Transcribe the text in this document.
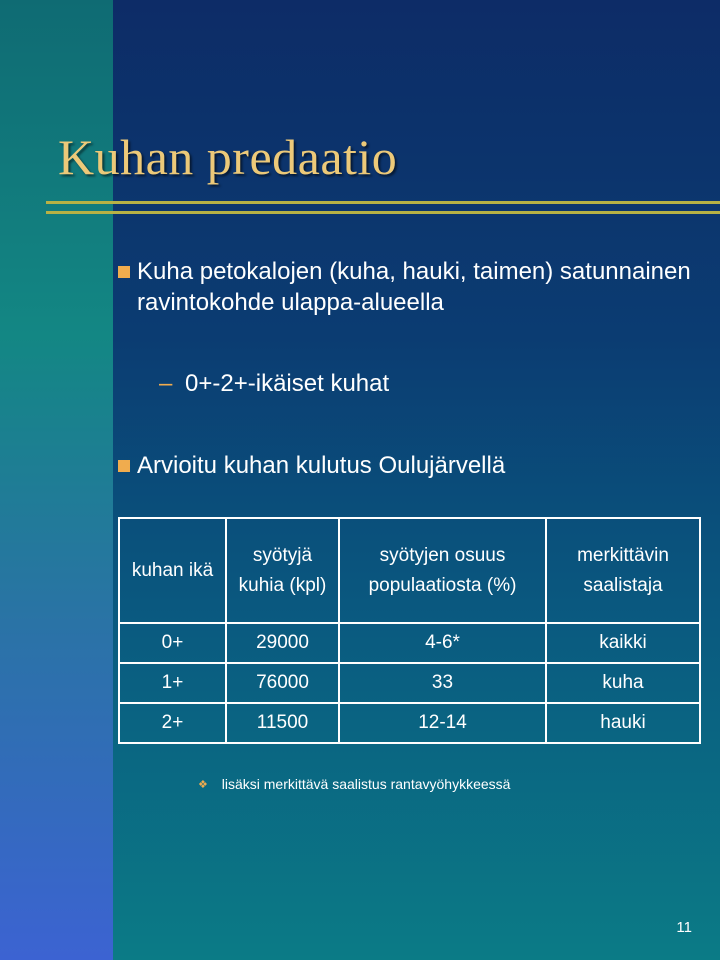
Kuhan predaatio
Kuha petokalojen (kuha, hauki, taimen) satunnainen ravintokohde ulappa-alueella
– 0+-2+-ikäiset kuhat
Arvioitu kuhan kulutus Oulujärvellä
kuhan ikä	syötyjä kuhia (kpl)	syötyjen osuus populaatiosta (%)	merkittävin saalistaja
0+	29000	4-6*	kaikki
1+	76000	33	kuha
2+	11500	12-14	hauki
❖ lisäksi merkittävä saalistus rantavyöhykkeessä
11
